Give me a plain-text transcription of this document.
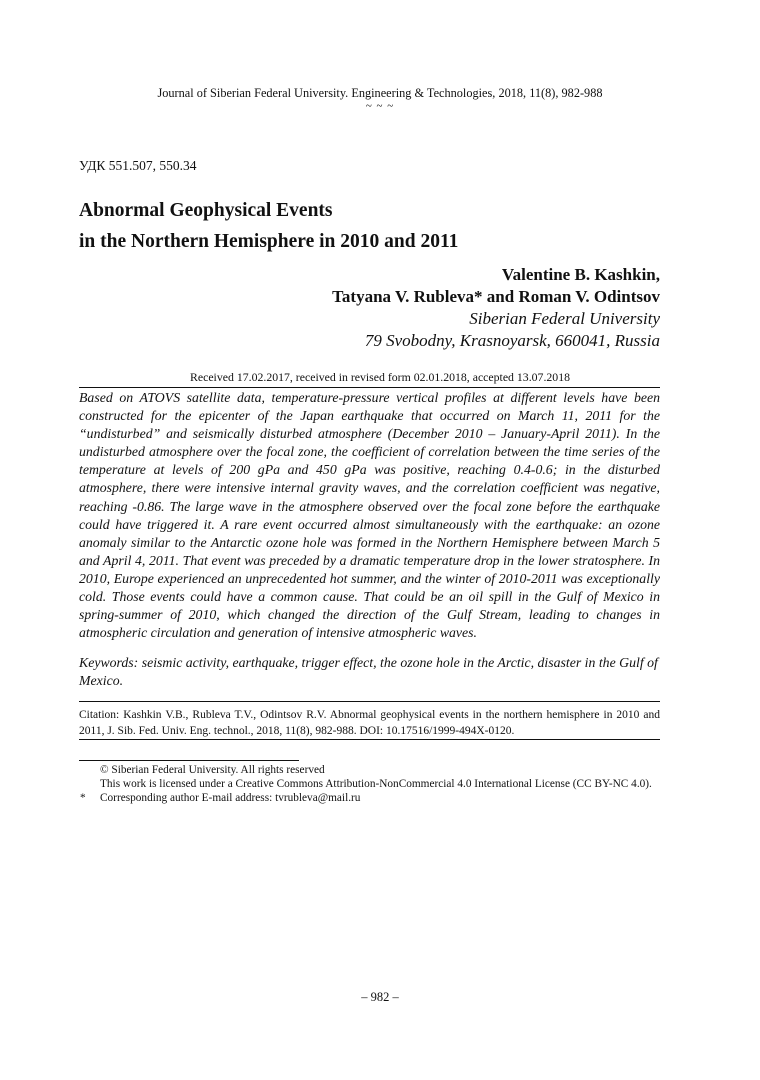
Journal of Siberian Federal University. Engineering & Technologies, 2018, 11(8), 982-988
~ ~ ~
УДК 551.507, 550.34
Abnormal Geophysical Events
in the Northern Hemisphere in 2010 and 2011
Valentine B. Kashkin,
Tatyana V. Rubleva* and Roman V. Odintsov
Siberian Federal University
79 Svobodny, Krasnoyarsk, 660041, Russia
Received 17.02.2017, received in revised form 02.01.2018, accepted 13.07.2018

Based on ATOVS satellite data, temperature-pressure vertical profiles at different levels have been constructed for the epicenter of the Japan earthquake that occurred on March 11, 2011 for the “undisturbed” and seismically disturbed atmosphere (December 2010 – January-April 2011). In the undisturbed atmosphere over the focal zone, the coefficient of correlation between the time series of the temperature at levels of 200 gPa and 450 gPa was positive, reaching 0.4-0.6; in the disturbed atmosphere, there were intensive internal gravity waves, and the correlation coefficient was negative, reaching -0.86. The large wave in the atmosphere observed over the focal zone before the earthquake could have triggered it. A rare event occurred almost simultaneously with the earthquake: an ozone anomaly similar to the Antarctic ozone hole was formed in the Northern Hemisphere between March 5 and April 4, 2011. That event was preceded by a dramatic temperature drop in the lower stratosphere. In 2010, Europe experienced an unprecedented hot summer, and the winter of 2010-2011 was exceptionally cold. Those events could have a common cause. That could be an oil spill in the Gulf of Mexico in spring-summer of 2010, which changed the direction of the Gulf Stream, leading to changes in atmospheric circulation and generation of intensive atmospheric waves.

Keywords: seismic activity, earthquake, trigger effect, the ozone hole in the Arctic, disaster in the Gulf of Mexico.

Citation: Kashkin V.B., Rubleva T.V., Odintsov R.V. Abnormal geophysical events in the northern hemisphere in 2010 and 2011, J. Sib. Fed. Univ. Eng. technol., 2018, 11(8), 982-988. DOI: 10.17516/1999-494X-0120.

© Siberian Federal University. All rights reserved
This work is licensed under a Creative Commons Attribution-NonCommercial 4.0 International License (CC BY-NC 4.0).
* Corresponding author E-mail address: tvrubleva@mail.ru
– 982 –
